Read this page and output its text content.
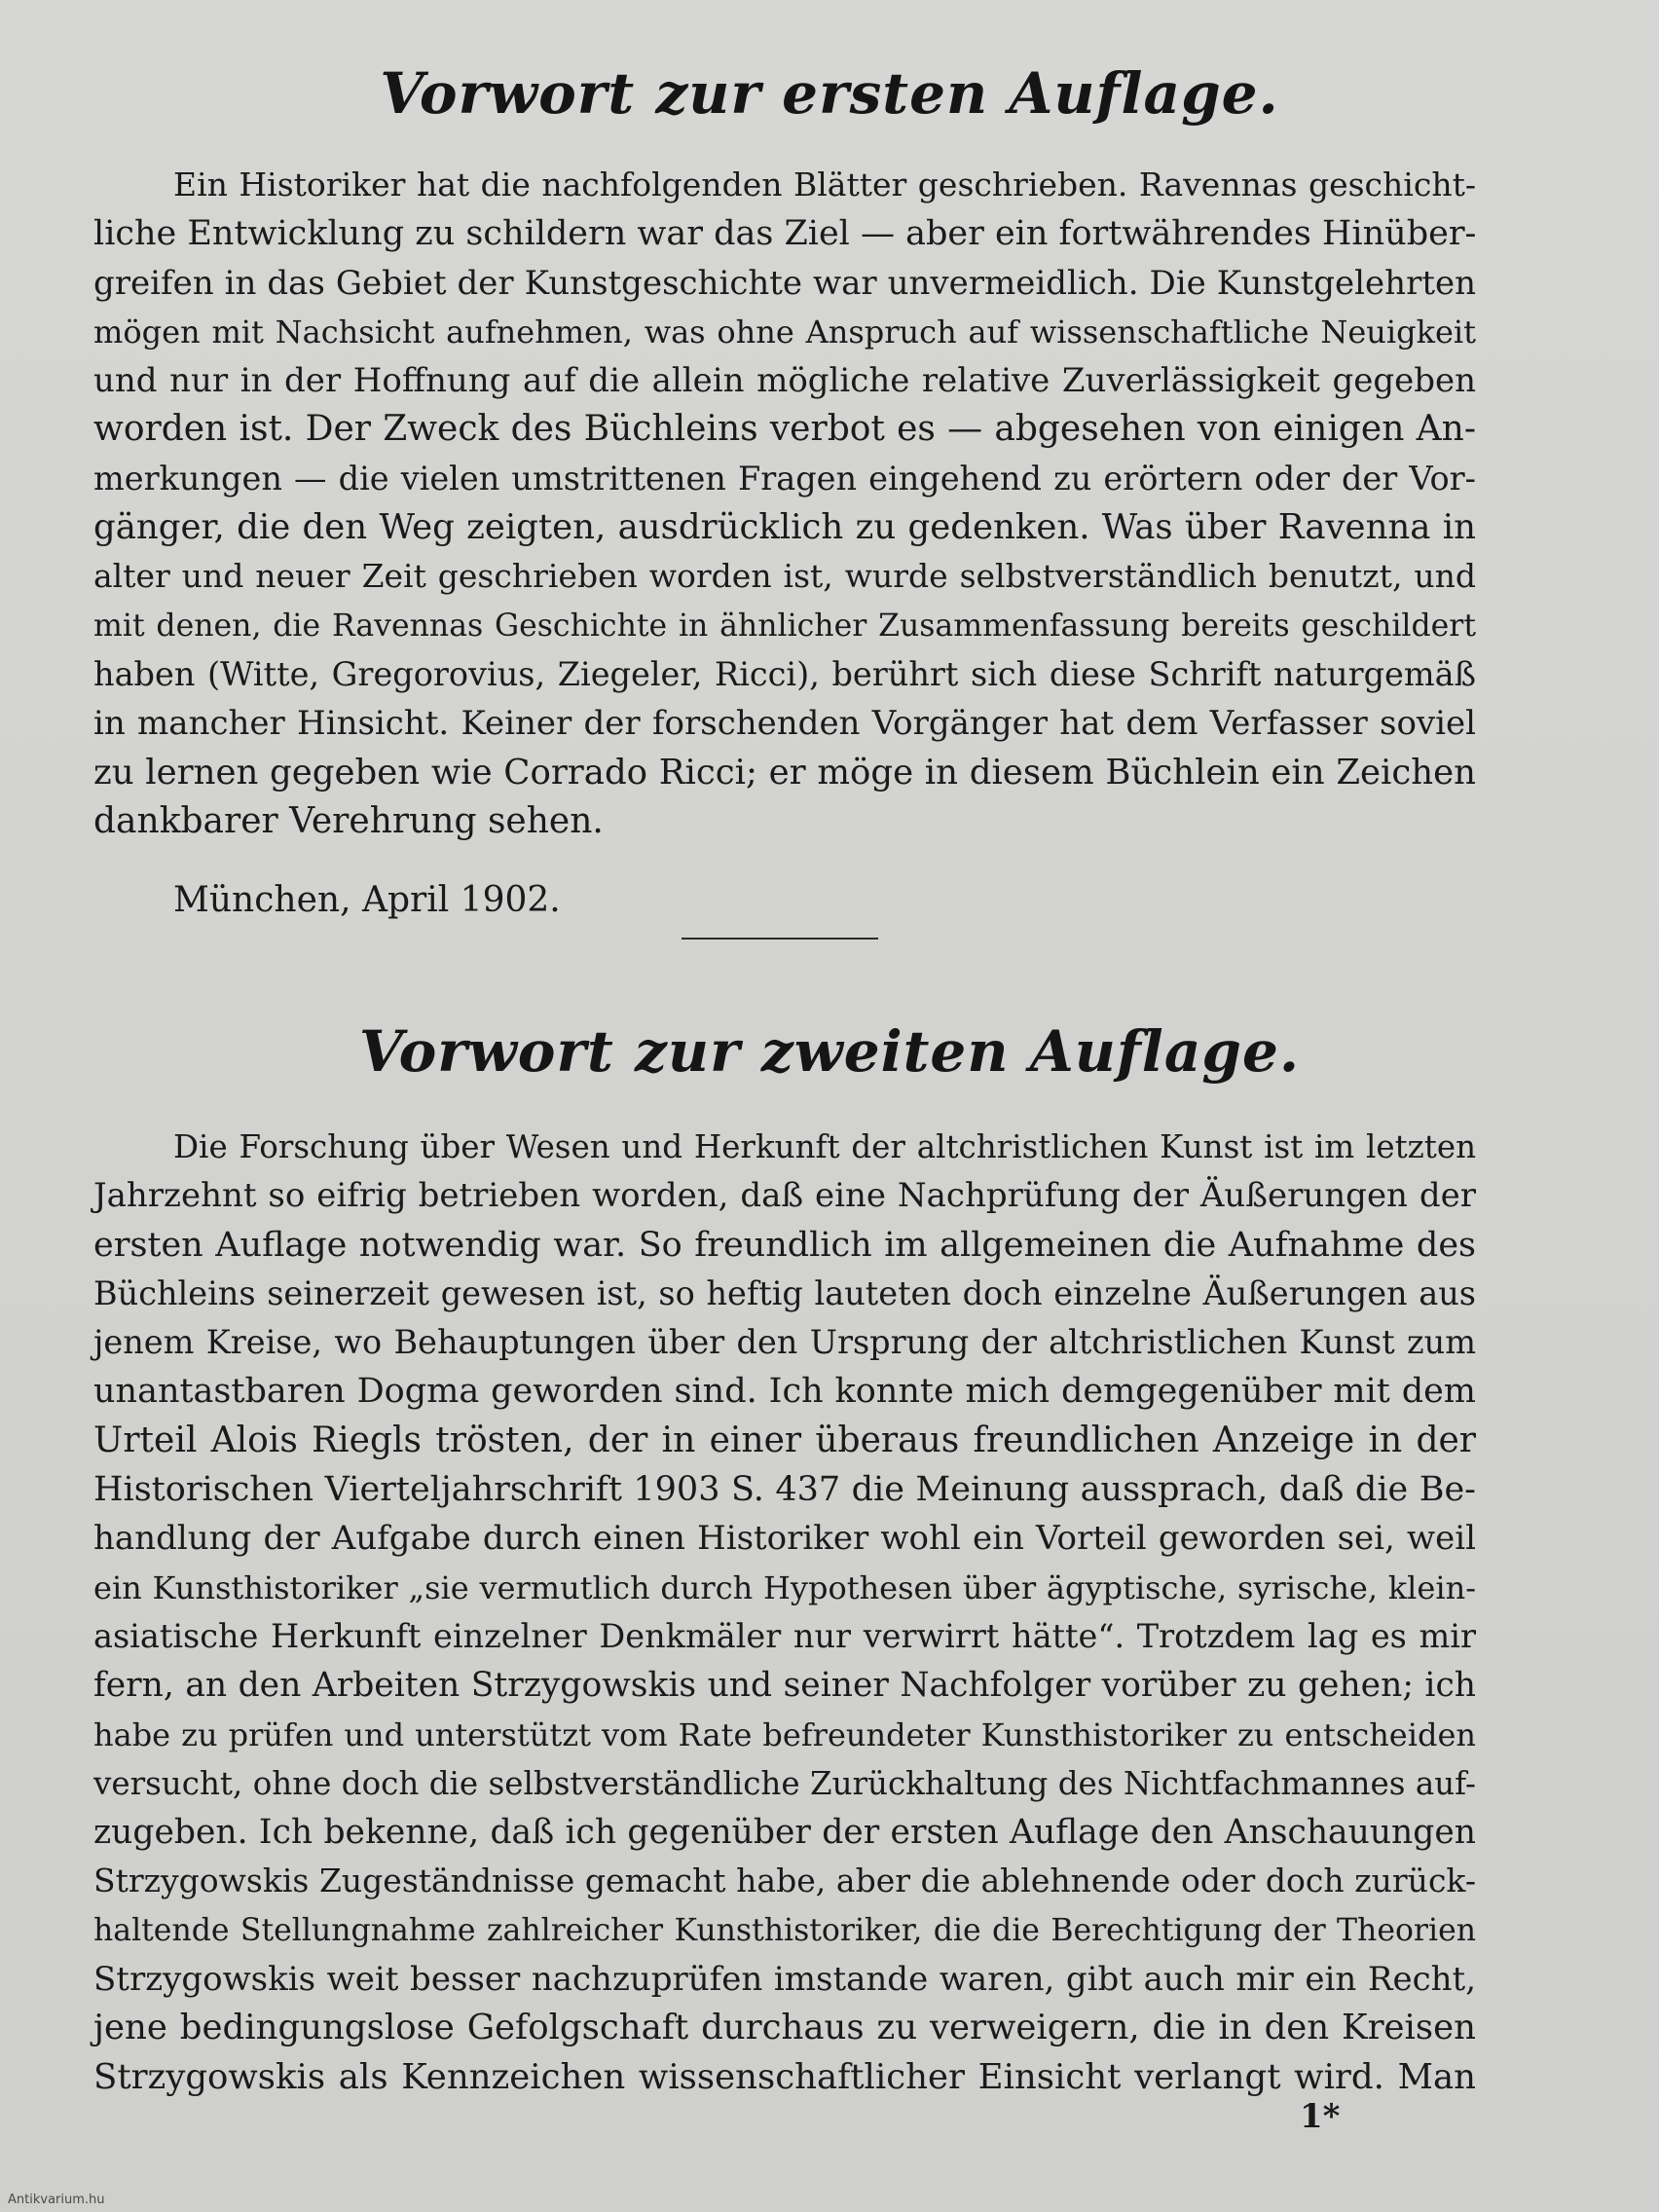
Vorwort zur ersten Auflage.
Ein Historiker hat die nachfolgenden Blätter geschrieben. Ravennas geschicht-
liche Entwicklung zu schildern war das Ziel — aber ein fortwährendes Hinüber-
greifen in das Gebiet der Kunstgeschichte war unvermeidlich. Die Kunstgelehrten
mögen mit Nachsicht aufnehmen, was ohne Anspruch auf wissenschaftliche Neuigkeit
und nur in der Hoffnung auf die allein mögliche relative Zuverlässigkeit gegeben
worden ist. Der Zweck des Büchleins verbot es — abgesehen von einigen An-
merkungen — die vielen umstrittenen Fragen eingehend zu erörtern oder der Vor-
gänger, die den Weg zeigten, ausdrücklich zu gedenken. Was über Ravenna in
alter und neuer Zeit geschrieben worden ist, wurde selbstverständlich benutzt, und
mit denen, die Ravennas Geschichte in ähnlicher Zusammenfassung bereits geschildert
haben (Witte, Gregorovius, Ziegeler, Ricci), berührt sich diese Schrift naturgemäß
in mancher Hinsicht. Keiner der forschenden Vorgänger hat dem Verfasser soviel
zu lernen gegeben wie Corrado Ricci; er möge in diesem Büchlein ein Zeichen
dankbarer Verehrung sehen.
München, April 1902.
Vorwort zur zweiten Auflage.
Die Forschung über Wesen und Herkunft der altchristlichen Kunst ist im letzten
Jahrzehnt so eifrig betrieben worden, daß eine Nachprüfung der Äußerungen der
ersten Auflage notwendig war. So freundlich im allgemeinen die Aufnahme des
Büchleins seinerzeit gewesen ist, so heftig lauteten doch einzelne Äußerungen aus
jenem Kreise, wo Behauptungen über den Ursprung der altchristlichen Kunst zum
unantastbaren Dogma geworden sind. Ich konnte mich demgegenüber mit dem
Urteil Alois Riegls trösten, der in einer überaus freundlichen Anzeige in der
Historischen Vierteljahrschrift 1903 S. 437 die Meinung aussprach, daß die Be-
handlung der Aufgabe durch einen Historiker wohl ein Vorteil geworden sei, weil
ein Kunsthistoriker „sie vermutlich durch Hypothesen über ägyptische, syrische, klein-
asiatische Herkunft einzelner Denkmäler nur verwirrt hätte“. Trotzdem lag es mir
fern, an den Arbeiten Strzygowskis und seiner Nachfolger vorüber zu gehen; ich
habe zu prüfen und unterstützt vom Rate befreundeter Kunsthistoriker zu entscheiden
versucht, ohne doch die selbstverständliche Zurückhaltung des Nichtfachmannes auf-
zugeben. Ich bekenne, daß ich gegenüber der ersten Auflage den Anschauungen
Strzygowskis Zugeständnisse gemacht habe, aber die ablehnende oder doch zurück-
haltende Stellungnahme zahlreicher Kunsthistoriker, die die Berechtigung der Theorien
Strzygowskis weit besser nachzuprüfen imstande waren, gibt auch mir ein Recht,
jene bedingungslose Gefolgschaft durchaus zu verweigern, die in den Kreisen
Strzygowskis als Kennzeichen wissenschaftlicher Einsicht verlangt wird. Man
1*
Antikvarium.hu
